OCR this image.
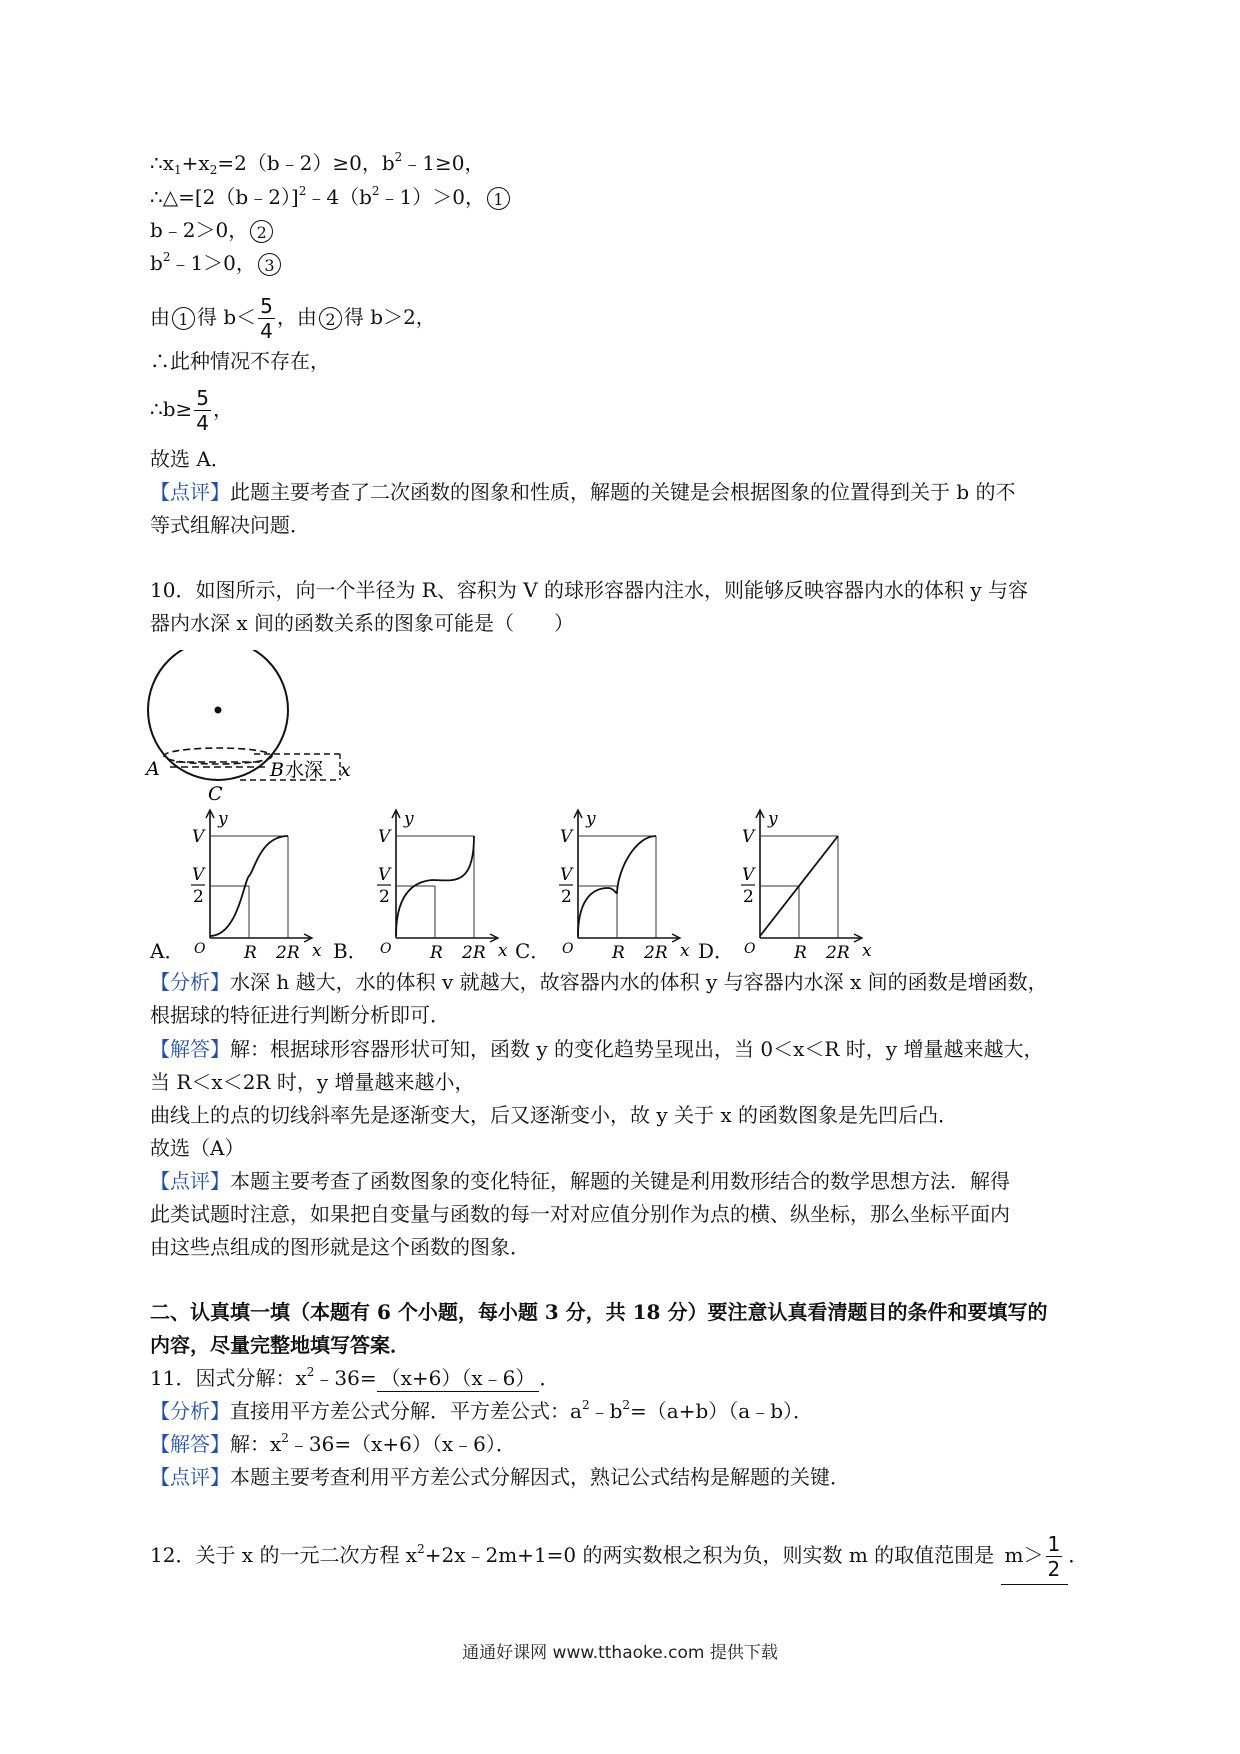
$\therefore x_1+x_2=2(b﹣2)\ge 0$，$b^2﹣1\ge 0$，
$\therefore\triangle=[2(b﹣2)]^2﹣4(b^2﹣1)>0$， 1
b﹣2＞0， 2
$b^2﹣1>0$， 3
由 1 得 $b< \frac{5}{4}$ ，由 2 得 b＞2，
∴此种情况不存在，
∴b≥ $\frac{5}{4}$ ，
故选 A．
【点评】此题主要考查了二次函数的图象和性质，解题的关键是会根据图象的位置得到关于 b 的不
等式组解决问题．
10．如图所示，向一个半径为 R、容积为 V 的球形容器内注水，则能够反映容器内水的体积 y 与容
器内水深 x 间的函数关系的图象可能是（　　）
A	B 水深 x
C
y
x
O
V
V
2
R 2R
y
x
O
V
V
2
R 2R
y
x
O
V
V
2
R 2R
y
x
O
V
V
2
R 2R
A．	B．	C．	D．
【分析】水深 h 越大，水的体积 v 就越大，故容器内水的体积 y 与容器内水深 x 间的函数是增函数，
根据球的特征进行判断分析即可．
【解答】解：根据球形容器形状可知，函数 y 的变化趋势呈现出，当 0＜x＜R 时，y 增量越来越大，
当 R＜x＜2R 时，y 增量越来越小，
曲线上的点的切线斜率先是逐渐变大，后又逐渐变小，故 y 关于 x 的函数图象是先凹后凸．
故选（A）
【点评】本题主要考查了函数图象的变化特征，解题的关键是利用数形结合的数学思想方法．解得
此类试题时注意，如果把自变量与函数的每一对对应值分别作为点的横、纵坐标，那么坐标平面内
由这些点组成的图形就是这个函数的图象．
二、认真填一填（本题有 6 个小题，每小题 3 分，共 18 分）要注意认真看清题目的条件和要填写的
内容，尽量完整地填写答案．
11．因式分解：$x^2﹣36=$ （x+6）（x﹣6） ．
【分析】直接用平方差公式分解．平方差公式：$a^2﹣b^2=(a+b)(a﹣b)$．
【解答】解：$x^2﹣36=(x+6)(x﹣6)$．
【点评】本题主要考查利用平方差公式分解因式，熟记公式结构是解题的关键．
12．关于 x 的一元二次方程 $x^2+2x﹣2m+1=0$ 的两实数根之积为负，则实数 m 的取值范围是 $m> \frac{1}{2}$ ．
通通好课网 www.tthaoke.com 提供下载
